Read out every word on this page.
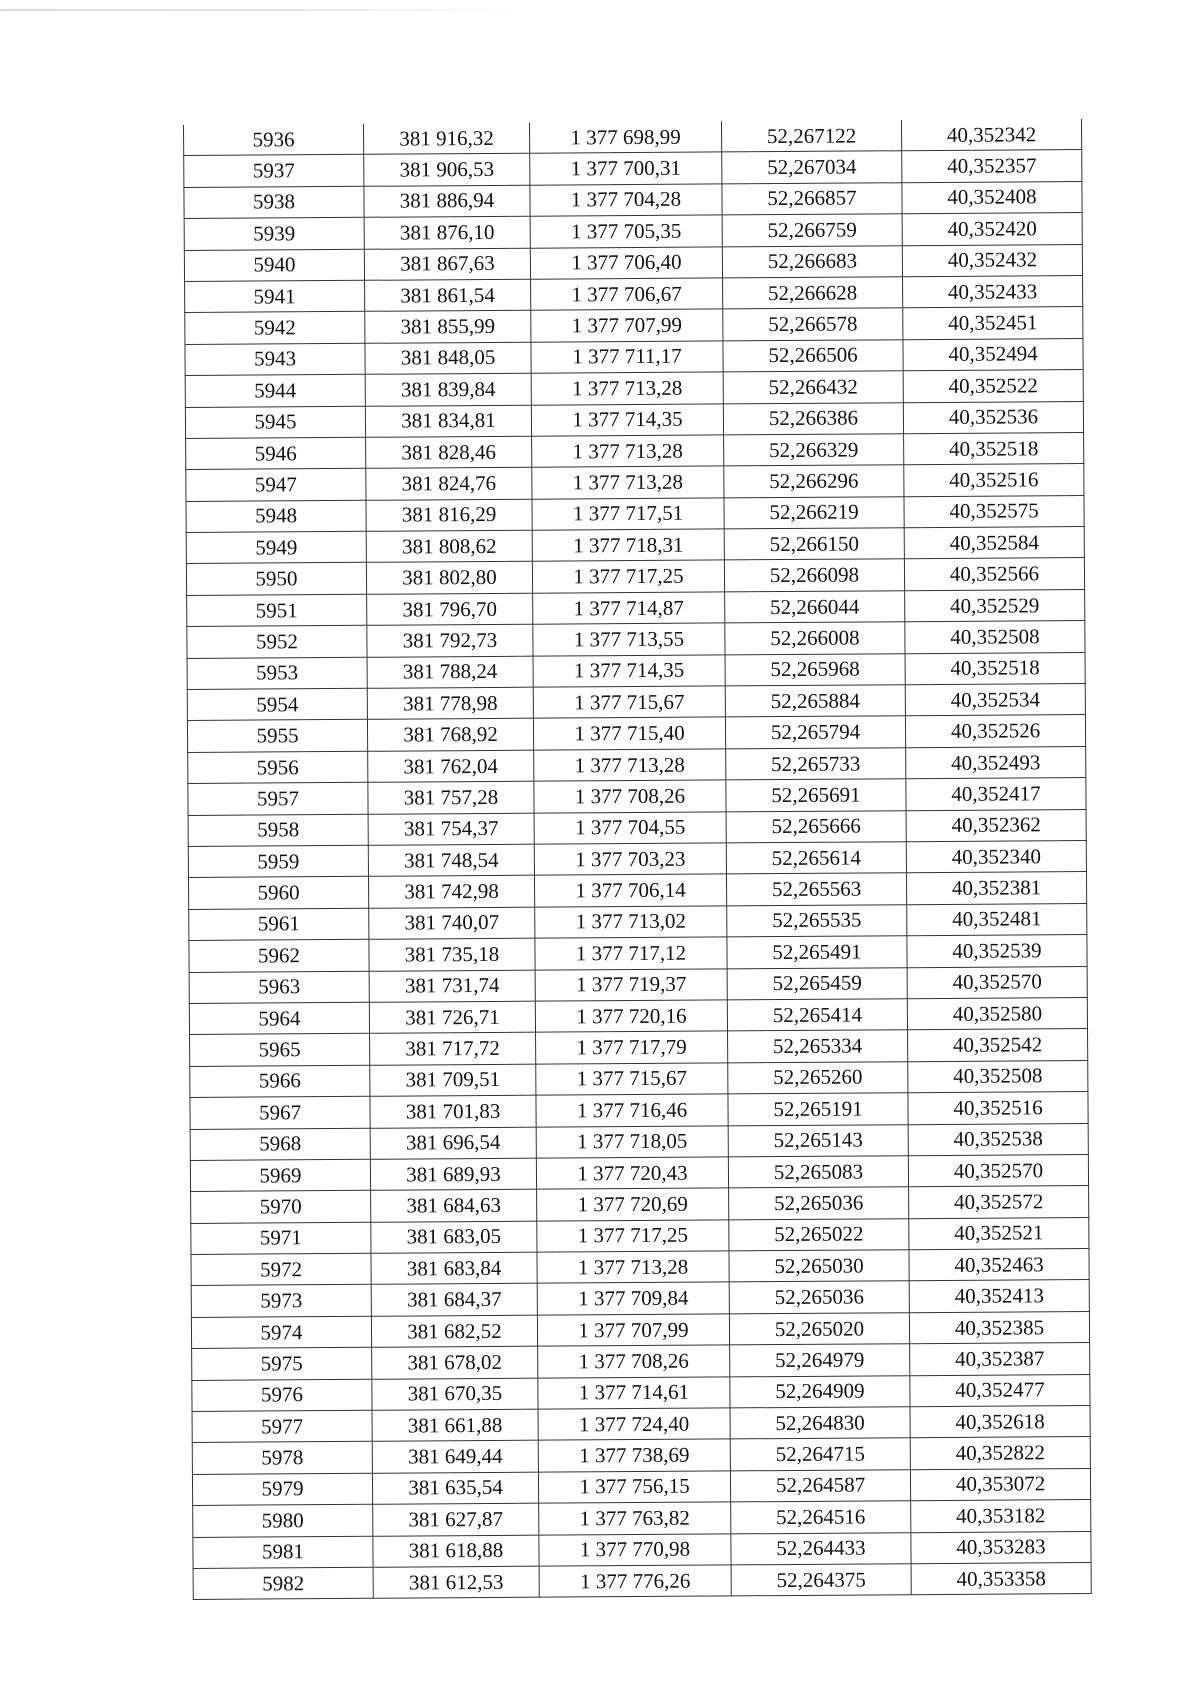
5936	381 916,32	1 377 698,99	52,267122	40,352342
5937	381 906,53	1 377 700,31	52,267034	40,352357
5938	381 886,94	1 377 704,28	52,266857	40,352408
5939	381 876,10	1 377 705,35	52,266759	40,352420
5940	381 867,63	1 377 706,40	52,266683	40,352432
5941	381 861,54	1 377 706,67	52,266628	40,352433
5942	381 855,99	1 377 707,99	52,266578	40,352451
5943	381 848,05	1 377 711,17	52,266506	40,352494
5944	381 839,84	1 377 713,28	52,266432	40,352522
5945	381 834,81	1 377 714,35	52,266386	40,352536
5946	381 828,46	1 377 713,28	52,266329	40,352518
5947	381 824,76	1 377 713,28	52,266296	40,352516
5948	381 816,29	1 377 717,51	52,266219	40,352575
5949	381 808,62	1 377 718,31	52,266150	40,352584
5950	381 802,80	1 377 717,25	52,266098	40,352566
5951	381 796,70	1 377 714,87	52,266044	40,352529
5952	381 792,73	1 377 713,55	52,266008	40,352508
5953	381 788,24	1 377 714,35	52,265968	40,352518
5954	381 778,98	1 377 715,67	52,265884	40,352534
5955	381 768,92	1 377 715,40	52,265794	40,352526
5956	381 762,04	1 377 713,28	52,265733	40,352493
5957	381 757,28	1 377 708,26	52,265691	40,352417
5958	381 754,37	1 377 704,55	52,265666	40,352362
5959	381 748,54	1 377 703,23	52,265614	40,352340
5960	381 742,98	1 377 706,14	52,265563	40,352381
5961	381 740,07	1 377 713,02	52,265535	40,352481
5962	381 735,18	1 377 717,12	52,265491	40,352539
5963	381 731,74	1 377 719,37	52,265459	40,352570
5964	381 726,71	1 377 720,16	52,265414	40,352580
5965	381 717,72	1 377 717,79	52,265334	40,352542
5966	381 709,51	1 377 715,67	52,265260	40,352508
5967	381 701,83	1 377 716,46	52,265191	40,352516
5968	381 696,54	1 377 718,05	52,265143	40,352538
5969	381 689,93	1 377 720,43	52,265083	40,352570
5970	381 684,63	1 377 720,69	52,265036	40,352572
5971	381 683,05	1 377 717,25	52,265022	40,352521
5972	381 683,84	1 377 713,28	52,265030	40,352463
5973	381 684,37	1 377 709,84	52,265036	40,352413
5974	381 682,52	1 377 707,99	52,265020	40,352385
5975	381 678,02	1 377 708,26	52,264979	40,352387
5976	381 670,35	1 377 714,61	52,264909	40,352477
5977	381 661,88	1 377 724,40	52,264830	40,352618
5978	381 649,44	1 377 738,69	52,264715	40,352822
5979	381 635,54	1 377 756,15	52,264587	40,353072
5980	381 627,87	1 377 763,82	52,264516	40,353182
5981	381 618,88	1 377 770,98	52,264433	40,353283
5982	381 612,53	1 377 776,26	52,264375	40,353358
